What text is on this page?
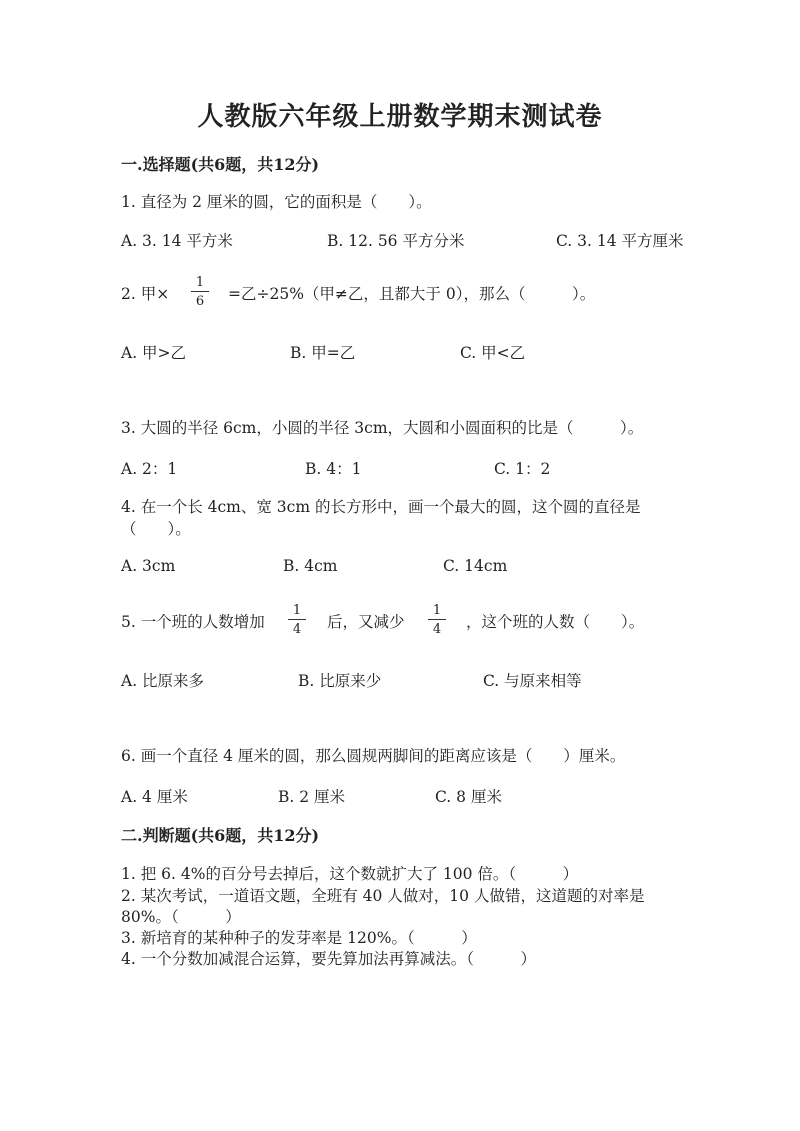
人教版六年级上册数学期末测试卷
一.选择题(共6题，共12分)
1. 直径为 2 厘米的圆，它的面积是（　　）。
A. 3. 14 平方米	B. 12. 56 平方分米	C. 3. 14 平方厘米
2. 甲× $\frac{1}{6}$ =乙÷25%（甲≠乙，且都大于 0），那么（　　　）。
A. 甲>乙	B. 甲=乙	C. 甲<乙
3. 大圆的半径 6cm，小圆的半径 3cm，大圆和小圆面积的比是（　　　）。
A. 2：1	B. 4：1	C. 1：2
4. 在一个长 4cm、宽 3cm 的长方形中，画一个最大的圆，这个圆的直径是
（　　）。
A. 3cm	B. 4cm	C. 14cm
5. 一个班的人数增加 $\frac{1}{4}$ 后，又减少 $\frac{1}{4}$ ，这个班的人数（　　）。
A. 比原来多	B. 比原来少	C. 与原来相等
6. 画一个直径 4 厘米的圆，那么圆规两脚间的距离应该是（　　）厘米。
A. 4 厘米	B. 2 厘米	C. 8 厘米
二.判断题(共6题，共12分)
1. 把 6. 4%的百分号去掉后，这个数就扩大了 100 倍。（　　　）
2. 某次考试，一道语文题，全班有 40 人做对，10 人做错，这道题的对率是
80%。（　　　）
3. 新培育的某种种子的发芽率是 120%。（　　　）
4. 一个分数加减混合运算，要先算加法再算减法。（　　　）
